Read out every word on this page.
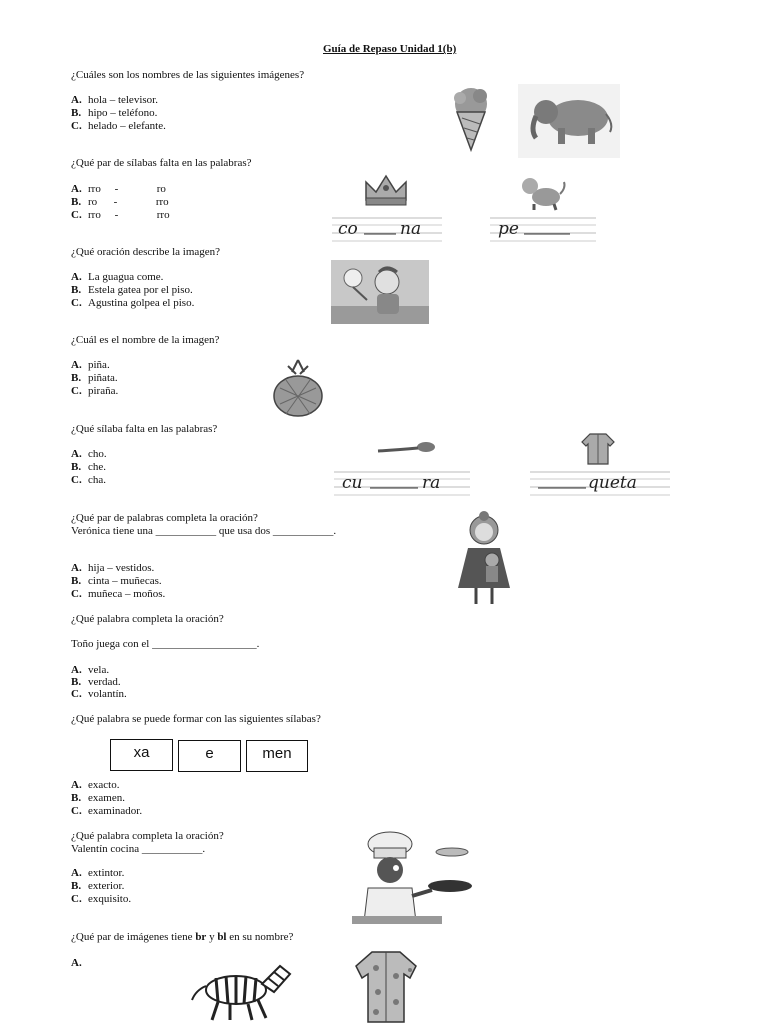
Guía de Repaso Unidad 1(b)
¿Cuáles son los nombres de las siguientes imágenes?
A. hola – televisor.
B. hipo – teléfono.
C. helado – elefante.
¿Qué par de sílabas falta en las palabras?
A. rro     -              ro
B. ro      -              rro
C. rro     -              rro
co na	pe
¿Qué oración describe la imagen?
A. La guagua come.
B. Estela gatea por el piso.
C. Agustina golpea el piso.
¿Cuál es el nombre de la imagen?
A. piña.
B. piñata.
C. piraña.
¿Qué sílaba falta en las palabras?
A. cho.
B. che.
C. cha.	cu	ra	queta
¿Qué par de palabras completa la oración?
Verónica tiene una ___________ que usa dos ___________.
A. hija – vestidos.
B. cinta – muñecas.
C. muñeca – moños.
¿Qué palabra completa la oración?
Toño juega con el ___________________.
A. vela.
B. verdad.
C. volantín.
¿Qué palabra se puede formar con las siguientes sílabas?
xa	e	men
A. exacto.
B. examen.
C. examinador.
¿Qué palabra completa la oración?
Valentín cocina ___________.
A. extintor.
B. exterior.
C. exquisito.
¿Qué par de imágenes tiene br y bl en su nombre?
A.
